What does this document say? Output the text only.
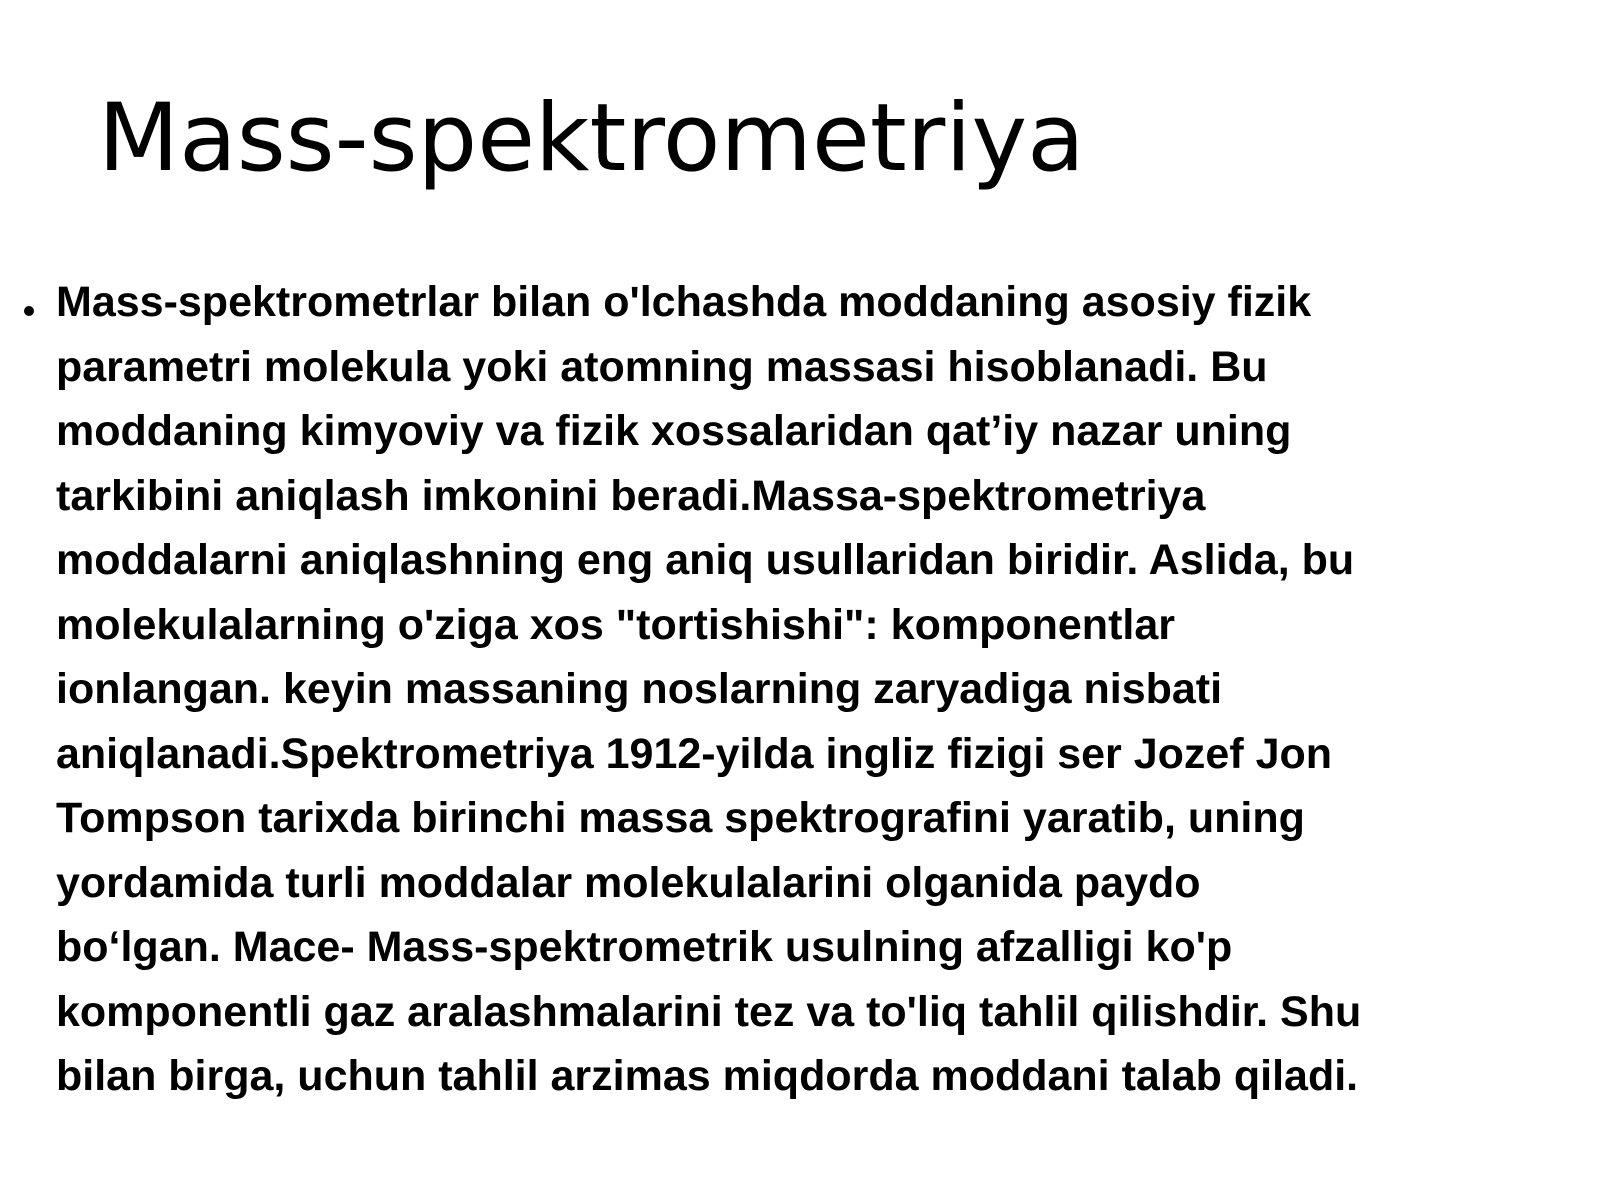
Mass-spektrometriya

Mass-spektrometrlar bilan o'lchashda moddaning asosiy fizik
parametri molekula yoki atomning massasi hisoblanadi. Bu
moddaning kimyoviy va fizik xossalaridan qat’iy nazar uning
tarkibini aniqlash imkonini beradi.Massa-spektrometriya
moddalarni aniqlashning eng aniq usullaridan biridir. Aslida, bu
molekulalarning o'ziga xos "tortishishi": komponentlar
ionlangan. keyin massaning noslarning zaryadiga nisbati
aniqlanadi.Spektrometriya 1912-yilda ingliz fizigi ser Jozef Jon
Tompson tarixda birinchi massa spektrografini yaratib, uning
yordamida turli moddalar molekulalarini olganida paydo
bo‘lgan. Mace- Mass-spektrometrik usulning afzalligi ko'p
komponentli gaz aralashmalarini tez va to'liq tahlil qilishdir. Shu
bilan birga, uchun tahlil arzimas miqdorda moddani talab qiladi.
